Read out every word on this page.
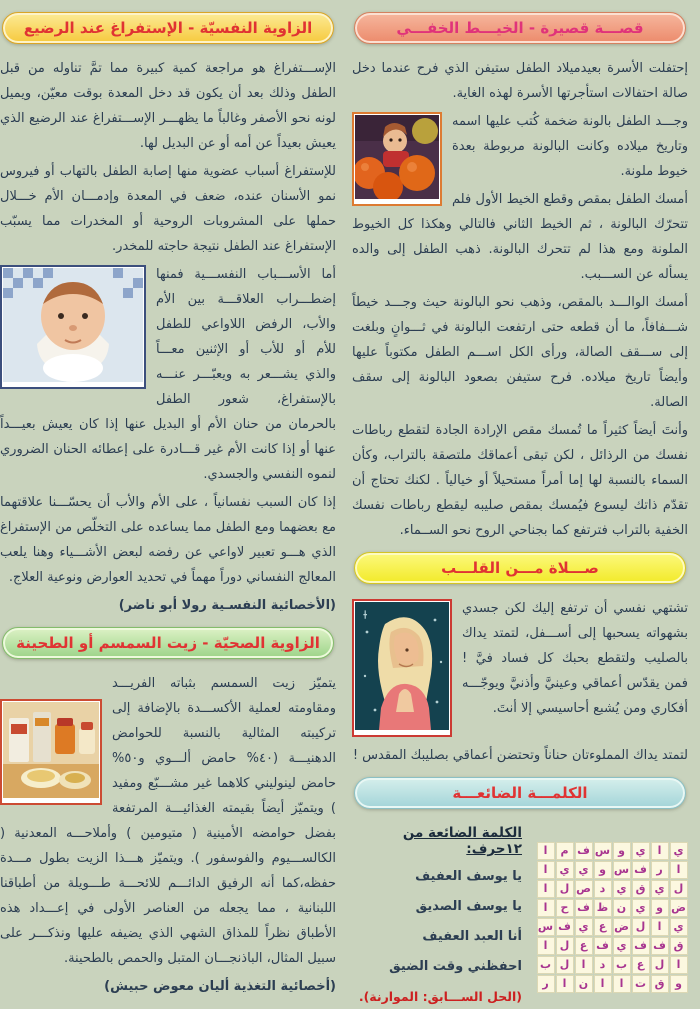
قصـــة قصيرة - الخيـــط الخفـــي

إحتفلت الأسرة بعيدميلاد الطفل ستيفن الذي فرح عندما دخل صالة احتفالات استأجرتها الأسرة لهذه الغاية.

وجـــد الطفل بالونة ضخمة كُتب عليها اسمه وتاريخ ميلاده وكانت البالونة مربوطة بعدة خيوط ملونة.

أمسك الطفل بمقص وقطع الخيط الأول فلم تتحرّك البالونة ، ثم الخيط الثاني فالتالي وهكذا كل الخيوط الملونة ومع هذا لم تتحرك البالونة. ذهب الطفل إلى والده يسأله عن الســـبب.

أمسك الوالـــد بالمقص، وذهب نحو البالونة حيث وجـــد خيطاً شـــفافاً، ما أن قطعه حتى ارتفعت البالونة في ثـــوانٍ وبلغت إلى ســـقف الصالة، ورأى الكل اســـم الطفل مكتوباً عليها وأيضاً تاريخ ميلاده. فرح ستيفن بصعود البالونة إلى سقف الصالة.

وأنتَ أيضاً كثيراً ما تُمسك مقص الإرادة الجادة لتقطع رباطات نفسك من الرذائل ، لكن تبقى أعماقك ملتصقة بالتراب، وكأن السماء بالنسبة لها إما أمراً مستحيلاً أو خيالياً . لكنك تحتاج أن تقدّم ذاتك ليسوع فيُمسك بمقص صليبه ليقطع رباطات نفسك الخفية بالتراب فترتفع كما بجناحي الروح نحو الســماء.

صـــلاة مـــن القلـــب

تشتهي نفسي أن ترتفع إليك لكن جسدي بشهواته يسحبها إلى أســـفل، لتمتد يداك بالصليب ولتقطع بحبك كل فساد فيَّ ! فمن يقدّس أعماقي وعينيَّ وأذنيَّ ويوجّـــه أفكاري ومن يُشبع أحاسيسي إلا أنتَ.

لتمتد يداك المملوءتان حناناً وتحتضن أعماقي بصليبك المقدس !

الكلمـــة الضائعـــة
ي
ا
ي
و
س
ف
م
ا
ا
ر
ف
س
و
ي
ي
ا
ل
ي
ق
ي
د
ص
ل
ا
ض
و
ي
ن
ظ
ف
ح
ا
ي
ا
ل
ض
ع
ي
ف
س
ق
ف
ف
ي
ف
ع
ل
ا
ا
ل
ع
ب
د
ا
ل
ب
و
ق
ت
ا
ا
ن
ا
ر
الكلمة الضائعة من ١٢حرف:
يا يوسف العفيف
يا يوسف الصديق
أنا العبد العفيف
احفظني وقت الضيق
(الحل الســـابق: الموارنة).
الزاوية النفسيّة - الإستفراغ عند الرضيع

الإســـتفراغ هو مراجعة كمية كبيرة مما تمَّ تناوله من قبل الطفل وذلك بعد أن يكون قد دخل المعدة بوقت معيّن، ويميل لونه نحو الأصفر وغالباً ما يظهـــر الإســـتفراغ عند الرضيع الذي يعيش بعيداً عن أمه أو عن البديل لها.

للإستفراغ أسباب عضوية منها إصابة الطفل بالتهاب أو فيروس نمو الأسنان عنده، ضعف في المعدة وإدمـــان الأم خـــلال حملها على المشروبات الروحية أو المخدرات مما يسبّب الإستفراغ عند الطفل نتيجة حاجته للمخدر.

أما الأســـباب النفســـية فمنها إضطـــراب العلاقـــة بين الأم والأب، الرفض اللاواعي للطفل للأم أو للأب أو الإثنين معـــاً والذي يشـــعر به ويعبّـــر عنـــه بالإستفراغ، شعور الطفل بالحرمان من حنان الأم أو البديل عنها إذا كان يعيش بعيـــداً عنها أو إذا كانت الأم غير قـــادرة على إعطائه الحنان الضروري لنموه النفسي والجسدي.

إذا كان السبب نفسانياً ، على الأم والأب أن يحسّـــنا علاقتهما مع بعضهما ومع الطفل مما يساعده على التخلّص من الإستفراغ الذي هـــو تعبير لاواعي عن رفضه لبعض الأشـــياء وهنا يلعب المعالج النفساني دوراً مهماً في تحديد العوارض ونوعية العلاج.

(الأخصائية النفسـية رولا أبو ناضر)

الزاوية الصحيّة - زيت السمسم أو الطحينة

يتميّز زيت السمسم بثباته الفريـــد ومقاومته لعملية الأكســـدة بالإضافة إلى تركيبته المثالية بالنسبة للحوامض الدهنيـــة (٤٠% حامض ألـــوي و٥٠% حامض لينوليني كلاهما غير مشـــبّع ومفيد ) ويتميّز أيضاً بقيمته الغذائيـــة المرتفعة بفضل حوامضه الأمينية ( متيومين ) وأملاحـــه المعدنية ( الكالســـيوم والفوسفور ). ويتميّز هـــذا الزيت بطول مـــدة حفظه،كما أنه الرفيق الدائـــم للائحـــة طـــويلة من أطباقنا اللبنانية ، مما يجعله من العناصر الأولى في إعـــداد هذه الأطباق نظراً للمذاق الشهي الذي يضيفه عليها ونذكـــر على سبيل المثال، الباذنجـــان المتبل والحمص بالطحينة.

(أخصائية التغذية أليان معوض حبيش)
